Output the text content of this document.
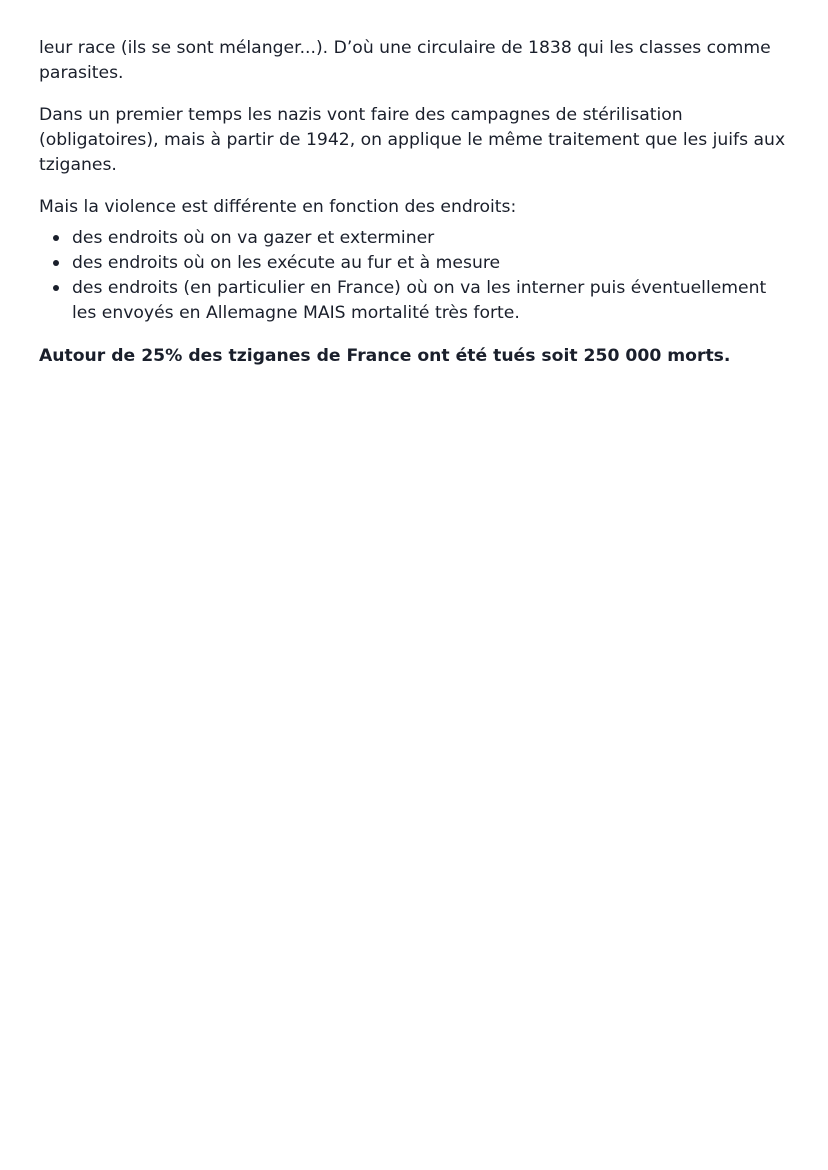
leur race (ils se sont mélanger...). D’où une circulaire de 1838 qui les classes comme parasites.

Dans un premier temps les nazis vont faire des campagnes de stérilisation (obligatoires), mais à partir de 1942, on applique le même traitement que les juifs aux tziganes.

Mais la violence est différente en fonction des endroits:

des endroits où on va gazer et exterminer
des endroits où on les exécute au fur et à mesure
des endroits (en particulier en France) où on va les interner puis éventuellement les envoyés en Allemagne MAIS mortalité très forte.

Autour de 25% des tziganes de France ont été tués soit 250 000 morts.
